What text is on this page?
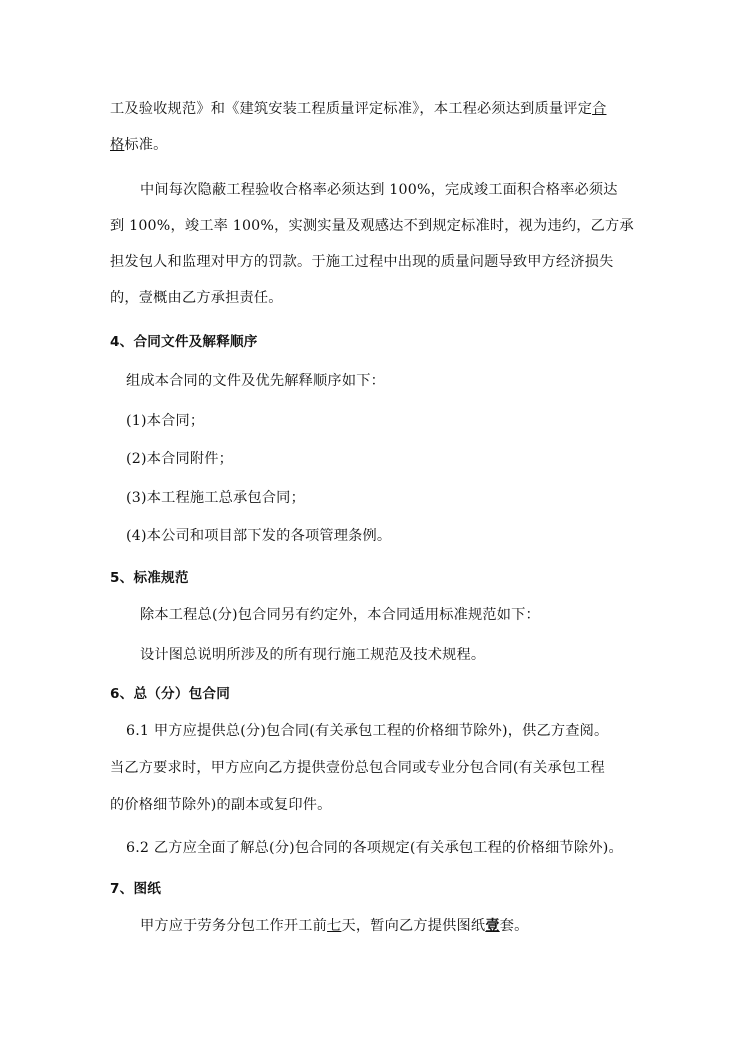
工及验收规范》和《建筑安装工程质量评定标准》，本工程必须达到质量评定合
格标准。
中间每次隐蔽工程验收合格率必须达到 100%，完成竣工面积合格率必须达
到 100%，竣工率 100%，实测实量及观感达不到规定标准时，视为违约，乙方承
担发包人和监理对甲方的罚款。于施工过程中出现的质量问题导致甲方经济损失
的，壹概由乙方承担责任。
4、合同文件及解释顺序
组成本合同的文件及优先解释顺序如下：
(1)本合同；
(2)本合同附件；
(3)本工程施工总承包合同；
(4)本公司和项目部下发的各项管理条例。
5、标准规范
除本工程总(分)包合同另有约定外，本合同适用标准规范如下：
设计图总说明所涉及的所有现行施工规范及技术规程。
6、总（分）包合同
6.1 甲方应提供总(分)包合同(有关承包工程的价格细节除外)，供乙方查阅。
当乙方要求时，甲方应向乙方提供壹份总包合同或专业分包合同(有关承包工程
的价格细节除外)的副本或复印件。
6.2 乙方应全面了解总(分)包合同的各项规定(有关承包工程的价格细节除外)。
7、图纸
甲方应于劳务分包工作开工前七天，暂向乙方提供图纸壹套。
